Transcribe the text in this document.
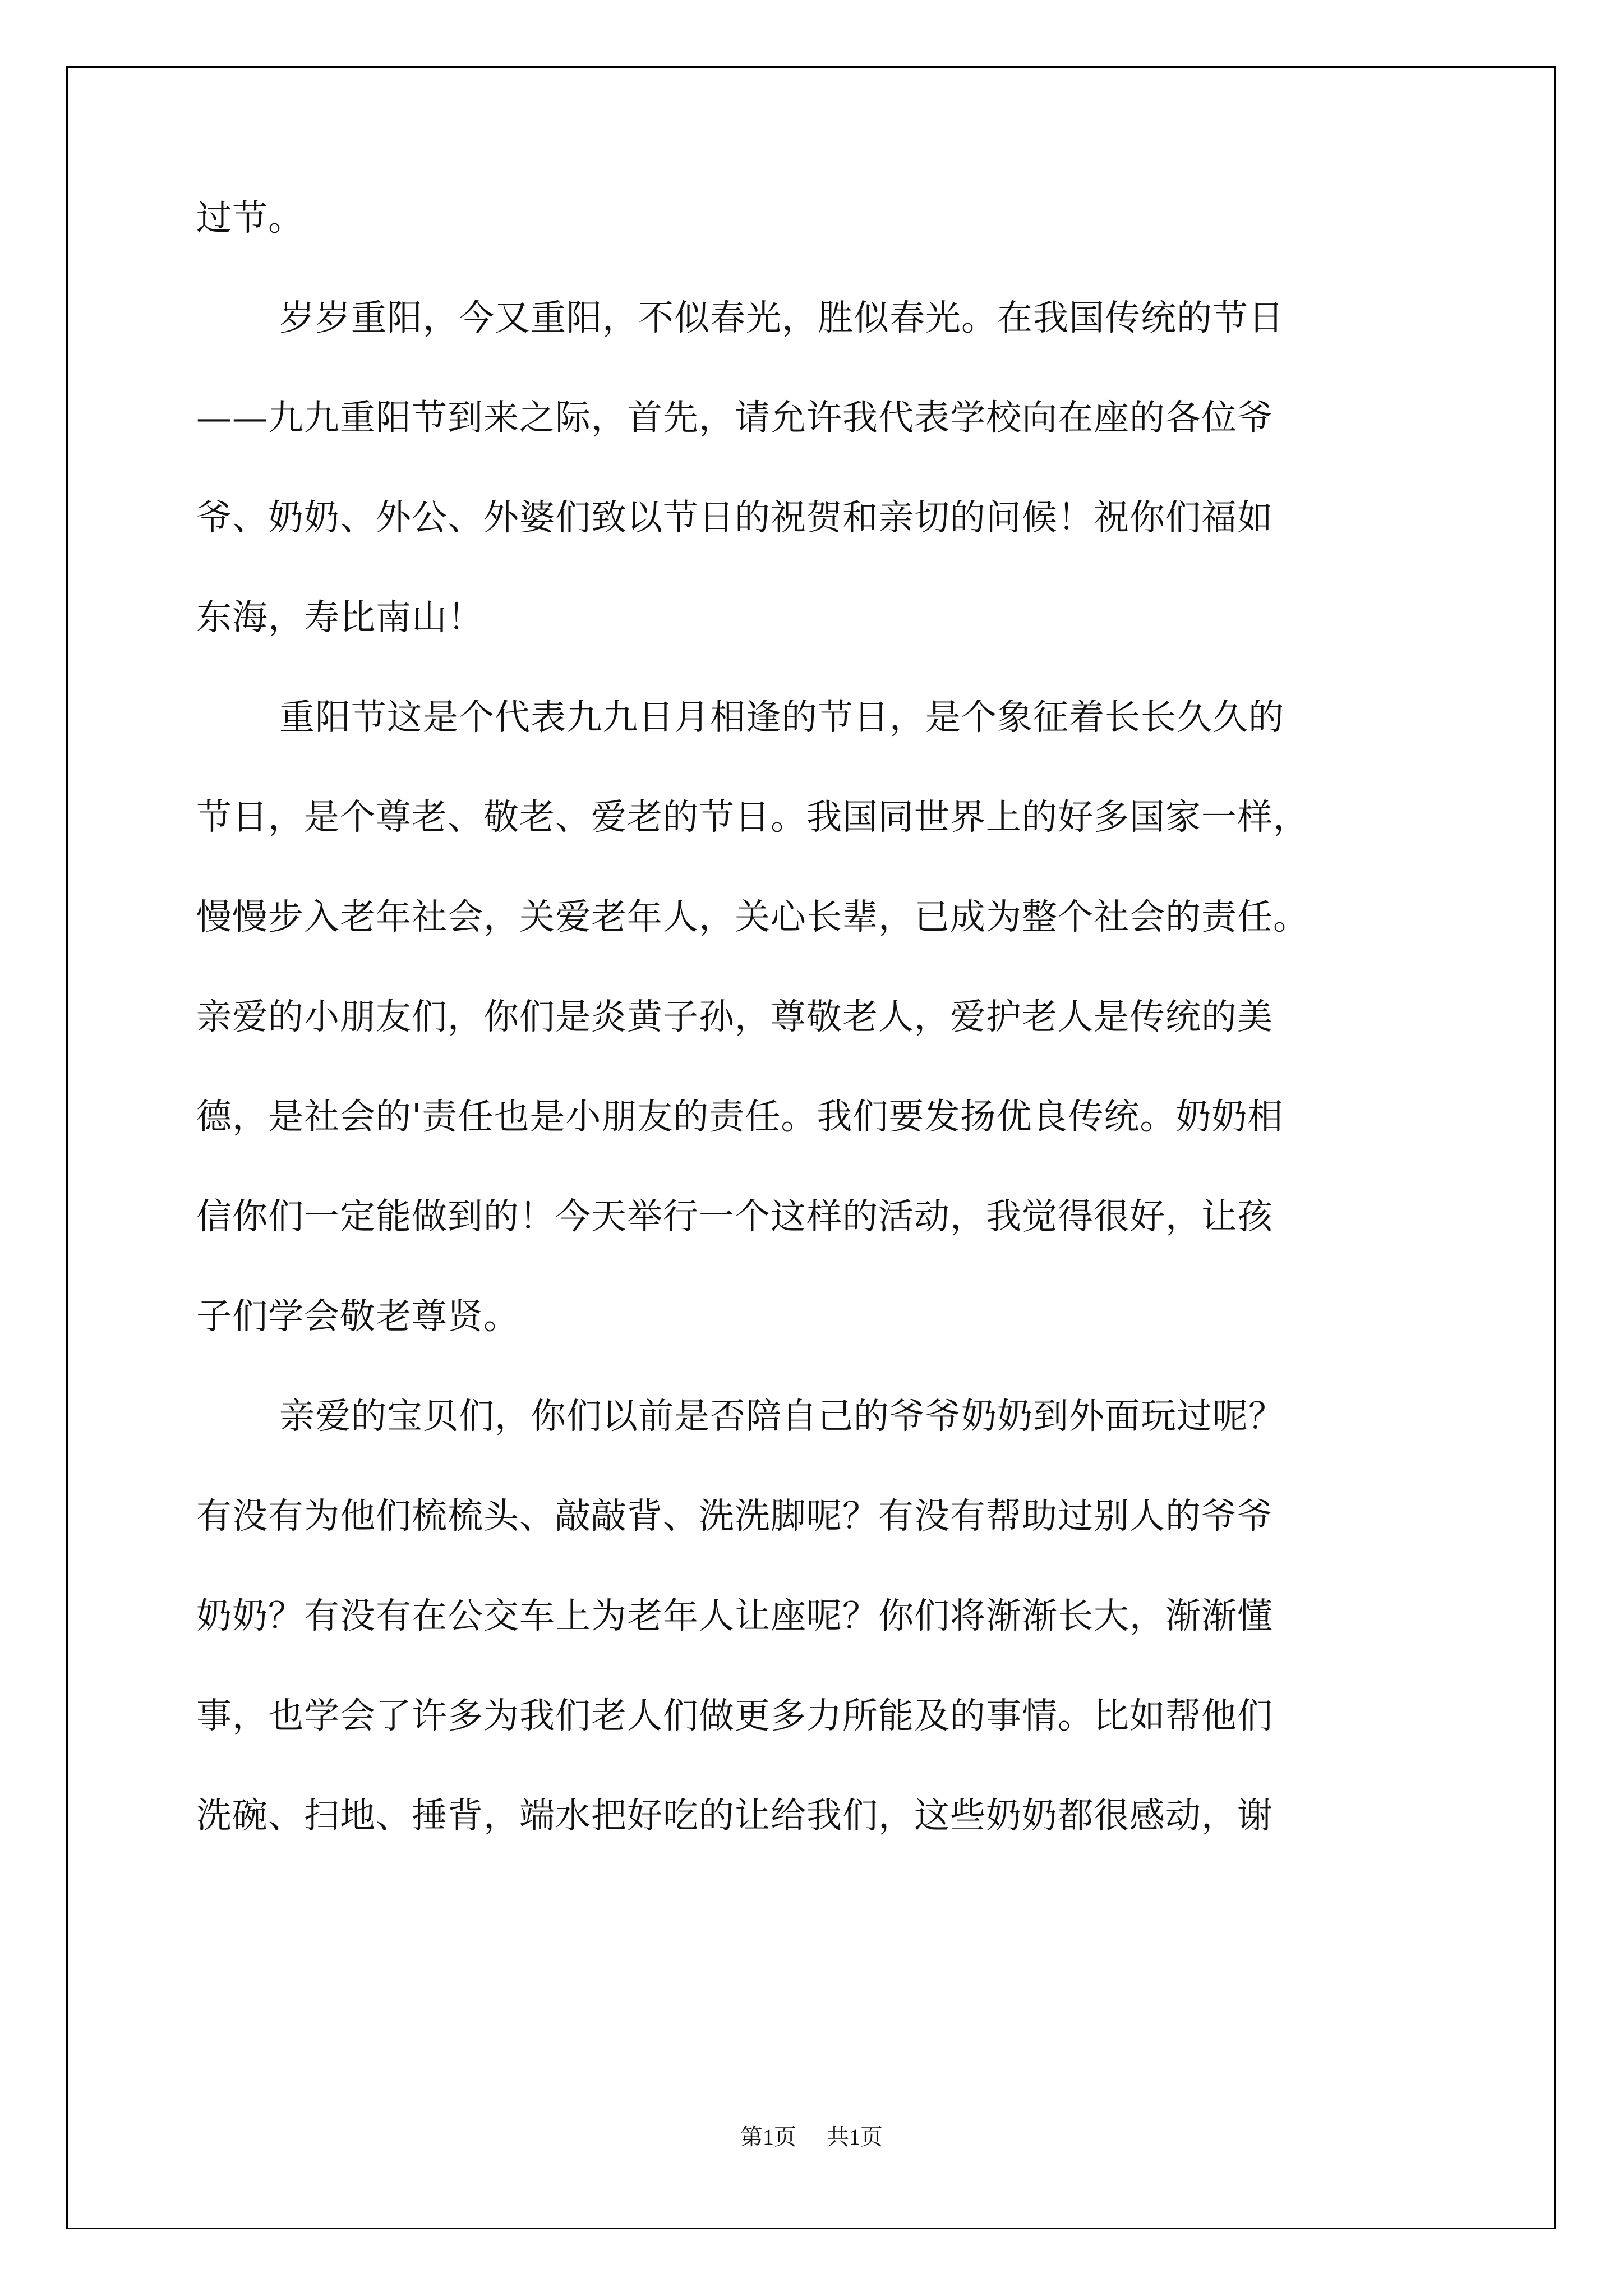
过节。
岁岁重阳，今又重阳，不似春光，胜似春光。在我国传统的节日
——九九重阳节到来之际，首先，请允许我代表学校向在座的各位爷
爷、奶奶、外公、外婆们致以节日的祝贺和亲切的问候！祝你们福如
东海，寿比南山！
重阳节这是个代表九九日月相逢的节日，是个象征着长长久久的
节日，是个尊老、敬老、爱老的节日。我国同世界上的好多国家一样，
慢慢步入老年社会，关爱老年人，关心长辈，已成为整个社会的责任。
亲爱的小朋友们，你们是炎黄子孙，尊敬老人，爱护老人是传统的美
德，是社会的'责任也是小朋友的责任。我们要发扬优良传统。奶奶相
信你们一定能做到的！今天举行一个这样的活动，我觉得很好，让孩
子们学会敬老尊贤。
亲爱的宝贝们，你们以前是否陪自己的爷爷奶奶到外面玩过呢？
有没有为他们梳梳头、敲敲背、洗洗脚呢？有没有帮助过别人的爷爷
奶奶？有没有在公交车上为老年人让座呢？你们将渐渐长大，渐渐懂
事，也学会了许多为我们老人们做更多力所能及的事情。比如帮他们
洗碗、扫地、捶背，端水把好吃的让给我们，这些奶奶都很感动，谢
第1页 共1页
